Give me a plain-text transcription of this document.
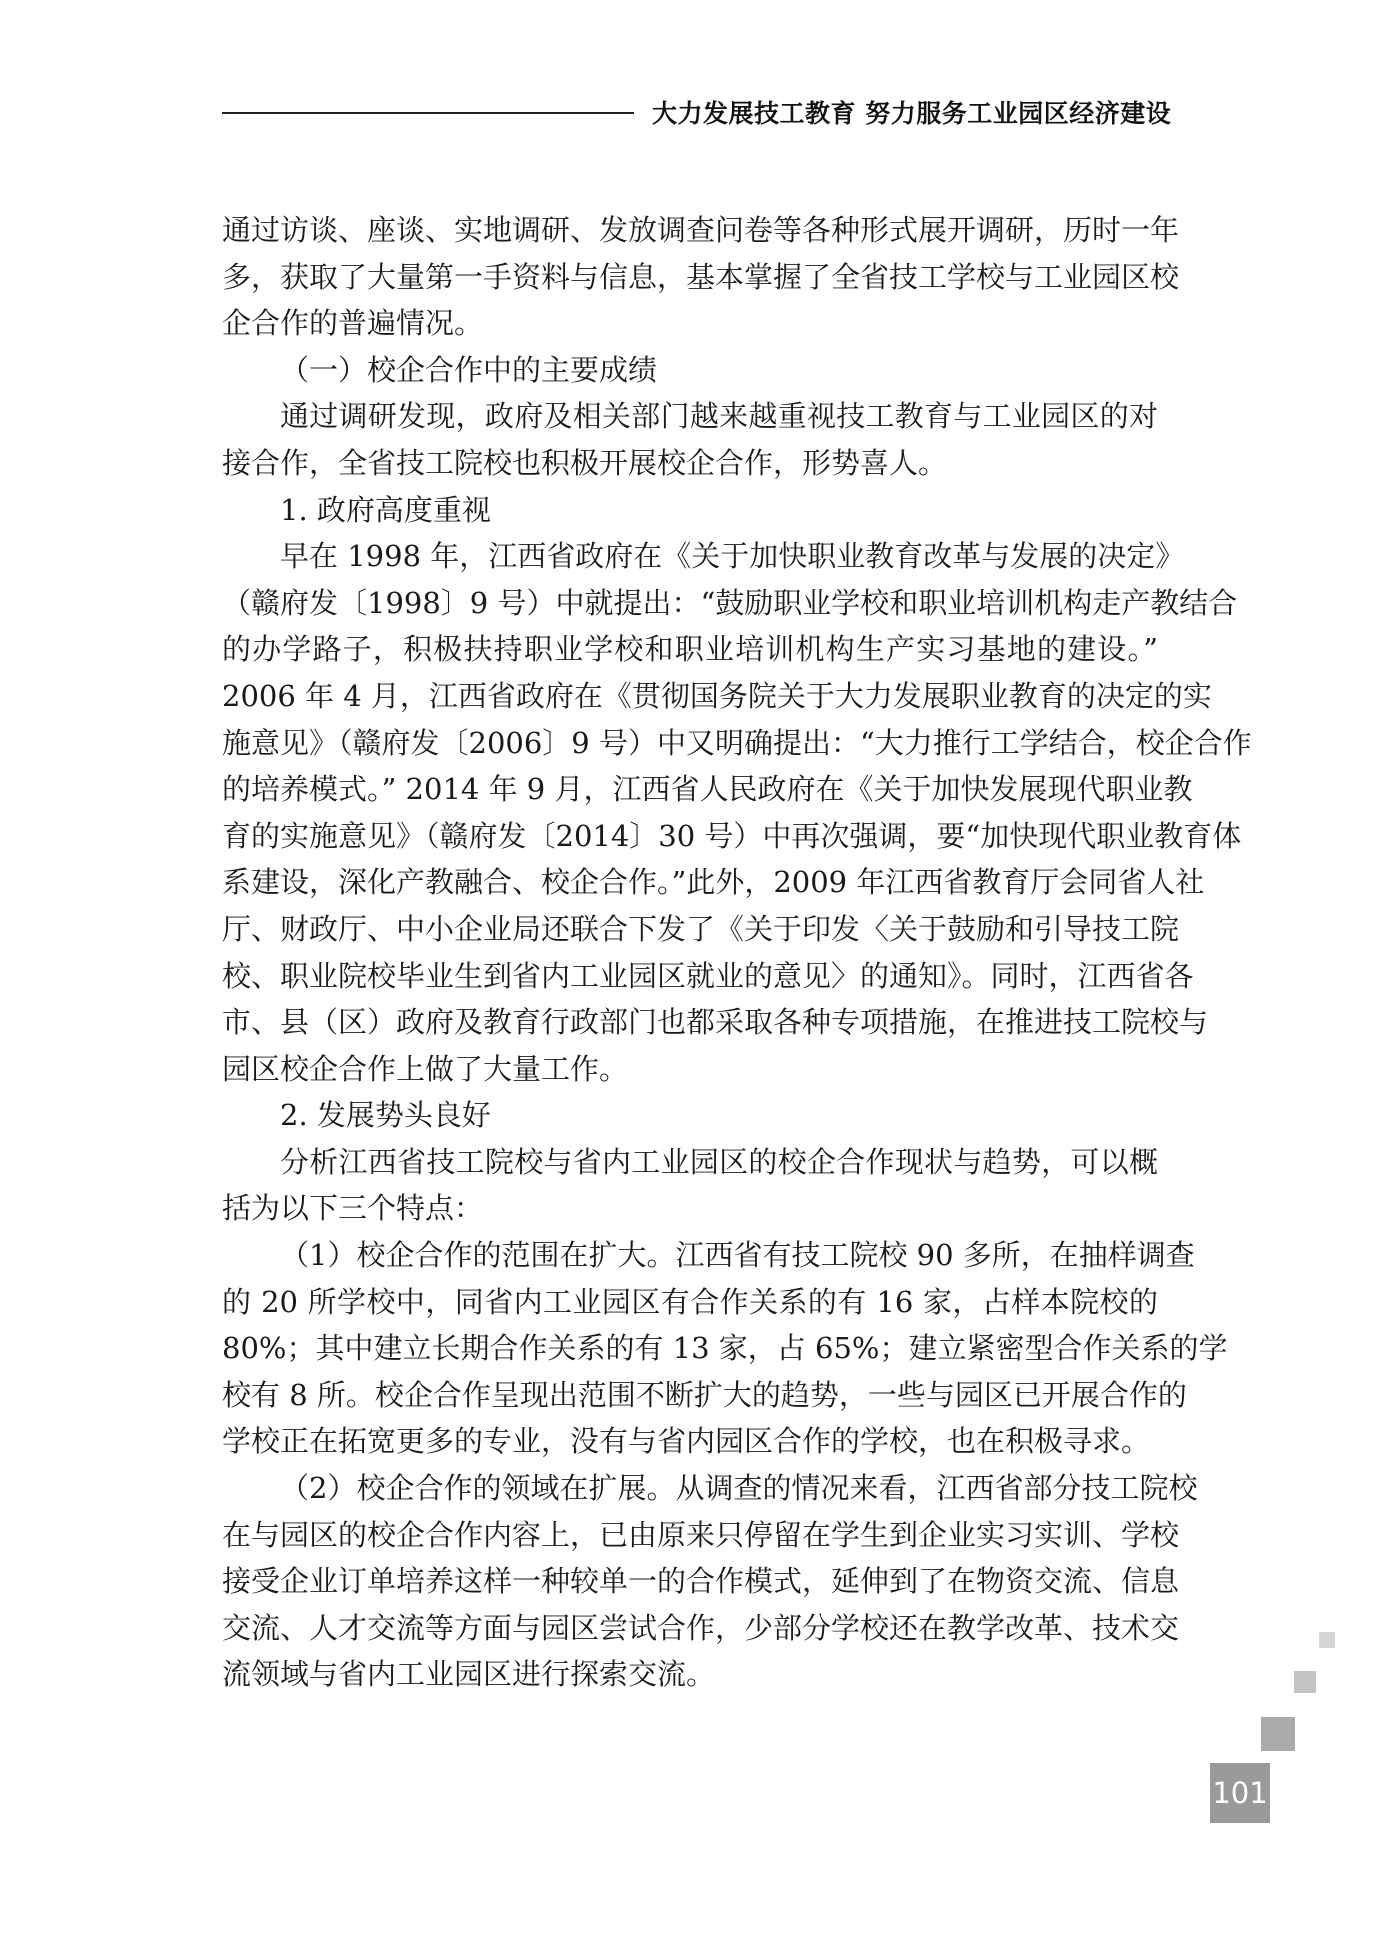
大力发展技工教育 努力服务工业园区经济建设
通过访谈、座谈、实地调研、发放调查问卷等各种形式展开调研，历时一年
多，获取了大量第一手资料与信息，基本掌握了全省技工学校与工业园区校
企合作的普遍情况。
（一）校企合作中的主要成绩
通过调研发现，政府及相关部门越来越重视技工教育与工业园区的对
接合作，全省技工院校也积极开展校企合作，形势喜人。
1. 政府高度重视
早在 1998 年，江西省政府在《关于加快职业教育改革与发展的决定》
（赣府发〔1998〕9 号）中就提出：“鼓励职业学校和职业培训机构走产教结合
的办学路子，积极扶持职业学校和职业培训机构生产实习基地的建设。”
2006 年 4 月，江西省政府在《贯彻国务院关于大力发展职业教育的决定的实
施意见》（赣府发〔2006〕9 号）中又明确提出：“大力推行工学结合，校企合作
的培养模式。” 2014 年 9 月，江西省人民政府在《关于加快发展现代职业教
育的实施意见》（赣府发〔2014〕30 号）中再次强调，要“加快现代职业教育体
系建设，深化产教融合、校企合作。”此外，2009 年江西省教育厅会同省人社
厅、财政厅、中小企业局还联合下发了《关于印发〈关于鼓励和引导技工院
校、职业院校毕业生到省内工业园区就业的意见〉的通知》。同时，江西省各
市、县（区）政府及教育行政部门也都采取各种专项措施，在推进技工院校与
园区校企合作上做了大量工作。
2. 发展势头良好
分析江西省技工院校与省内工业园区的校企合作现状与趋势，可以概
括为以下三个特点：
（1）校企合作的范围在扩大。江西省有技工院校 90 多所，在抽样调查
的 20 所学校中，同省内工业园区有合作关系的有 16 家，占样本院校的
80%；其中建立长期合作关系的有 13 家，占 65%；建立紧密型合作关系的学
校有 8 所。校企合作呈现出范围不断扩大的趋势，一些与园区已开展合作的
学校正在拓宽更多的专业，没有与省内园区合作的学校，也在积极寻求。
（2）校企合作的领域在扩展。从调查的情况来看，江西省部分技工院校
在与园区的校企合作内容上，已由原来只停留在学生到企业实习实训、学校
接受企业订单培养这样一种较单一的合作模式，延伸到了在物资交流、信息
交流、人才交流等方面与园区尝试合作，少部分学校还在教学改革、技术交
流领域与省内工业园区进行探索交流。
101
